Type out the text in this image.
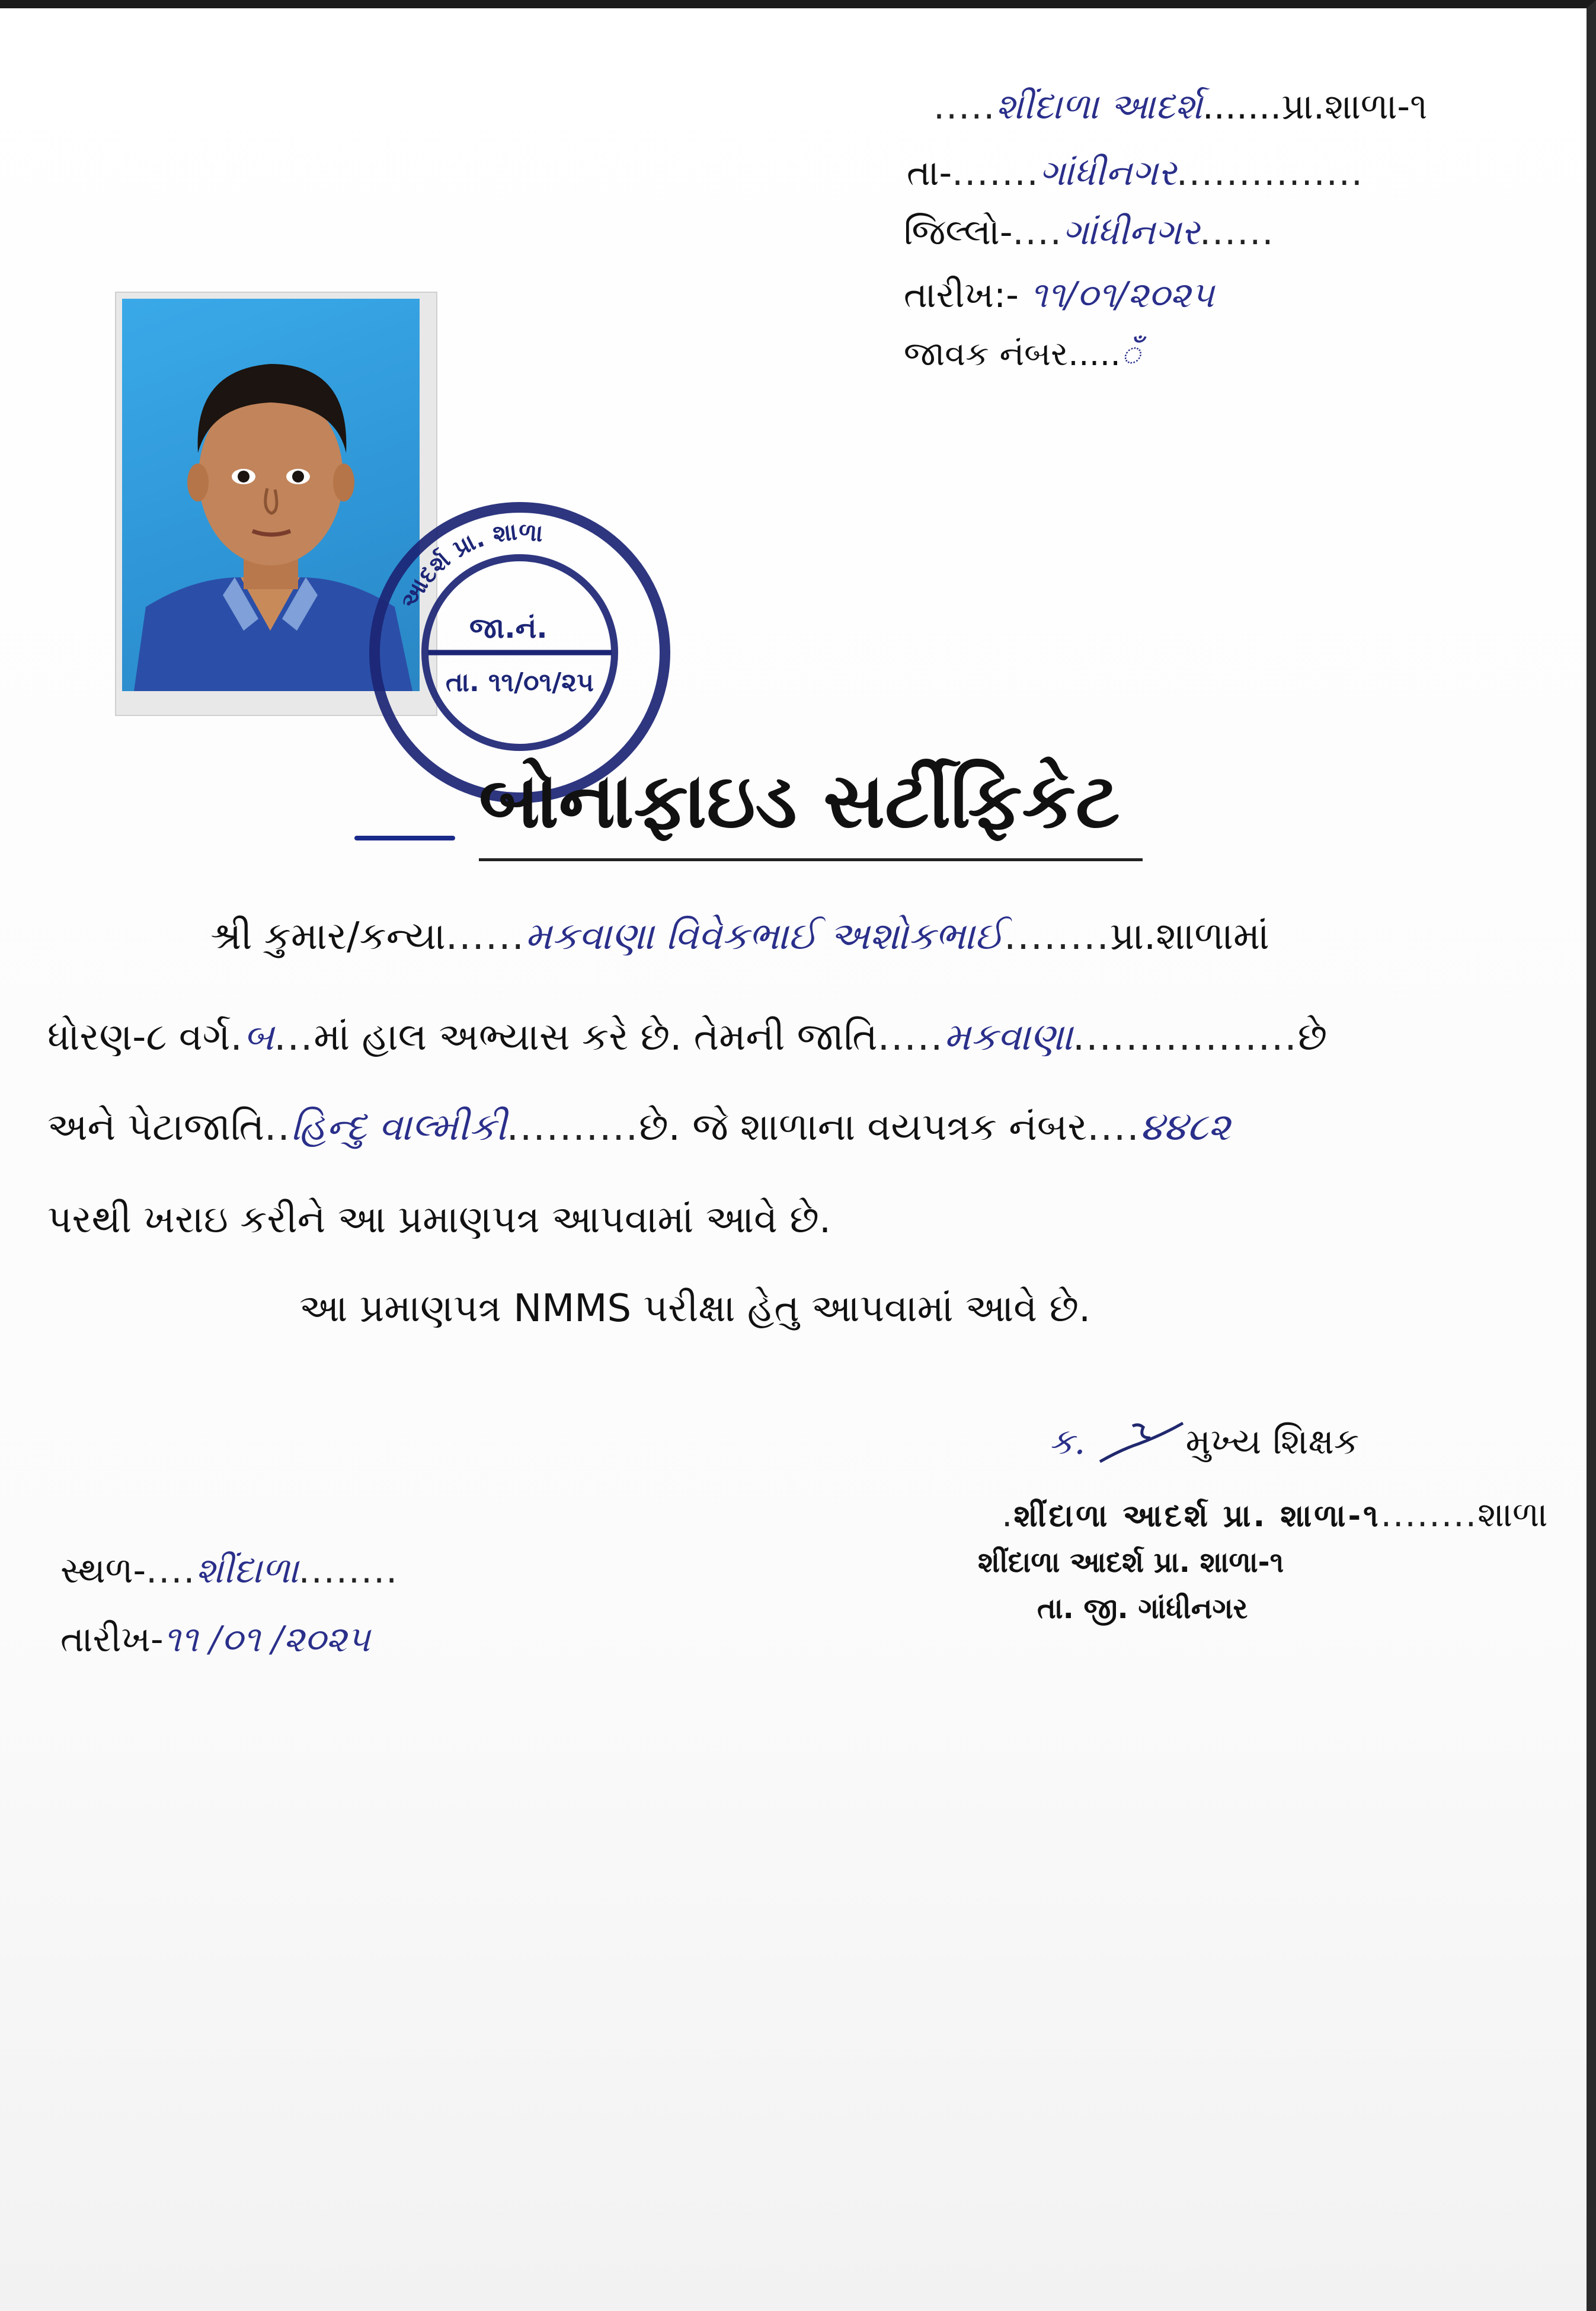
.....શીંદાળા આદર્શ.......પ્રા.શાળા-૧
તા-.......ગાંધીનગર...............
જિલ્લો-....ગાંધીનગર......
તારીખ:- ૧૧/૦૧/૨૦૨૫
જાવક નંબર.....ँ
આદર્શ પ્રા. શાળા
જા.નં.
તા. ૧૧/૦૧/૨૫
બોનાફાઇડ સર્ટીફિકેટ
શ્રી કુમાર/કન્યા......મકવાણા વિવેકભાઈ અશોકભાઈ........પ્રા.શાળામાં
ધોરણ-૮ વર્ગ.બ...માં હાલ અભ્યાસ કરે છે. તેમની જાતિ.....મકવાણા.................છે
અને પેટાજાતિ..હિન્દુ વાલ્મીકી..........છે. જે શાળાના વયપત્રક નંબર....૪૪૮૨
પરથી ખરાઇ કરીને આ પ્રમાણપત્ર આપવામાં આવે છે.
આ પ્રમાણપત્ર NMMS પરીક્ષા હેતુ આપવામાં આવે છે.
ક.	મુખ્ય શિક્ષક
.શીંદાળા આદર્શ પ્રા. શાળા-૧........શાળા
શીંદાળા આદર્શ પ્રા. શાળા-૧
તા. જી. ગાંધીનગર
સ્થળ-....શીંદાળા........
તારીખ-૧૧ /૦૧ /૨૦૨૫
